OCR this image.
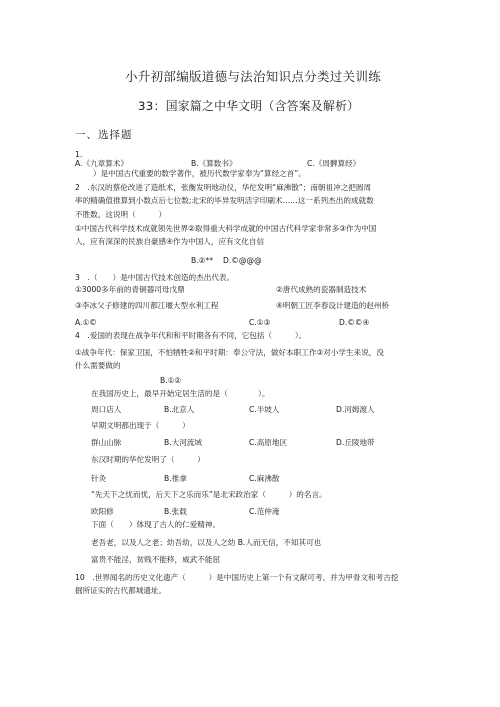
小升初部编版道德与法治知识点分类过关训练
33：国家篇之中华文明（含答案及解析）
一、选择题
1.
A.《九章算术》	B.《算数书》	C.《周髀算经》
）是中国古代重要的数学著作，被历代数学家奉为“算经之首”。
2　.东汉的蔡伦改进了造纸术，张衡发明地动仪，华佗发明“麻沸散”；南朝祖冲之把圆周
率的精确值推算到小数点后七位数;北宋的毕异发明活字印刷术……这一系列杰出的成就数
不胜数。这说明（　　　）
①中国古代科学技术成就领先世界②取得重大科学成就的中国古代科学家非常多③作为中国
人，应有深深的民族自豪感④作为中国人，应有文化自信
B.②**　 D.©@@@
3　.（　　）是中国古代技术创造的杰出代表。
①3000多年前的青铜器司母戊鼎	②唐代成熟的瓷器制造技术
③李冰父子修建的四川都江堰大型水利工程	④明朝工匠李春设计建造的赵州桥
A.①©	C.①③	D.©©④
4　.爱国的表现在战争年代和和平时期各有不同，它包括（　　　）。
①战争年代：保家卫国，不怕牺牲②和平时期：奉公守法，做好本职工作③对小学生来说，没
什么需要做的
B.①②
在我国历史上，最早开始定居生活的是（　　　　）。
周口店人	B.北京人	C.半坡人	D.河姆渡人
早期文明都出现于（　　　）
群山山脉	B.大河流域	C.高原地区	D.丘陵地带
东汉时期的华佗发明了（　　　）
针灸	B.推拿	C.麻沸散
“先天下之忧而忧，后天下之乐而乐”是北宋政治家（　　　）的名言。
欧阳修	B.张载	C.范仲淹
下面（　　）体现了古人的仁爱精神。
老吾老，以及人之老；幼吾幼，以及人之幼 B.人而无信，不知其可也
富贵不能淫，贫贱不能移，威武不能屈
10　.世界闻名的历史文化遗产（　　　）是中国历史上第一个有文献可考、并为甲骨文和考古挖
掘所证实的古代都城遗址。
